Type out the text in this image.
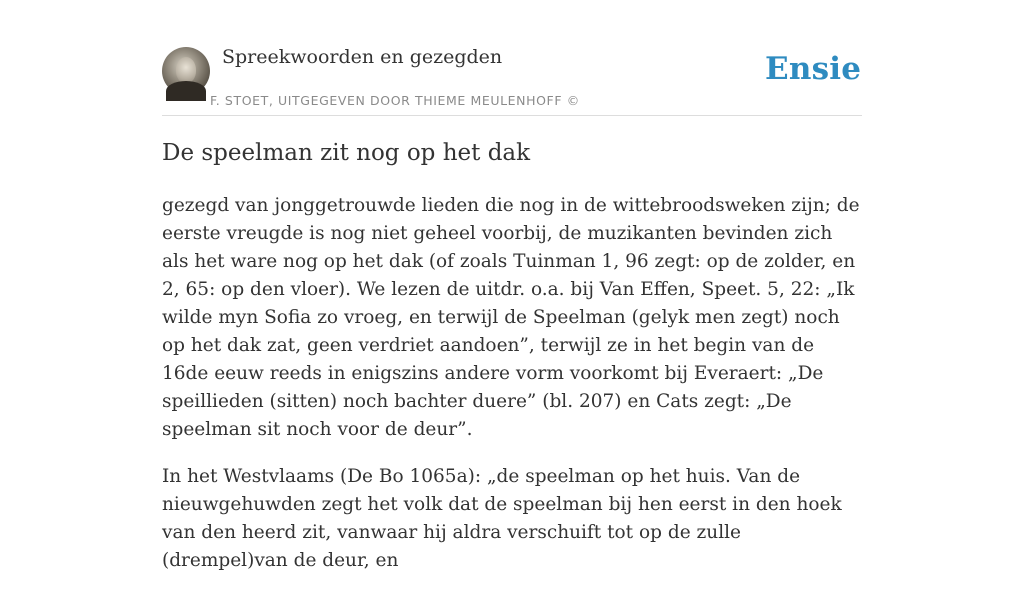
Spreekwoorden en gezegden
F. STOET, UITGEGEVEN DOOR THIEME MEULENHOFF ©
Ensie
De speelman zit nog op het dak

gezegd van jonggetrouwde lieden die nog in de wittebroodsweken zijn; de eerste vreugde is nog niet geheel voorbij, de muzikanten bevinden zich als het ware nog op het dak (of zoals Tuinman 1, 96 zegt: op de zolder, en 2, 65: op den vloer). We lezen de uitdr. o.a. bij Van Effen, Speet. 5, 22: „Ik wilde myn Sofia zo vroeg, en terwijl de Speelman (gelyk men zegt) noch op het dak zat, geen verdriet aandoen”, terwijl ze in het begin van de 16de eeuw reeds in enigszins andere vorm voorkomt bij Everaert: „De speillieden (sitten) noch bachter duere” (bl. 207) en Cats zegt: „De speelman sit noch voor de deur”.

In het Westvlaams (De Bo 1065a): „de speelman op het huis. Van de nieuwgehuwden zegt het volk dat de speelman bij hen eerst in den hoek van den heerd zit, vanwaar hij aldra verschuift tot op de zulle (drempel)van de deur, en
